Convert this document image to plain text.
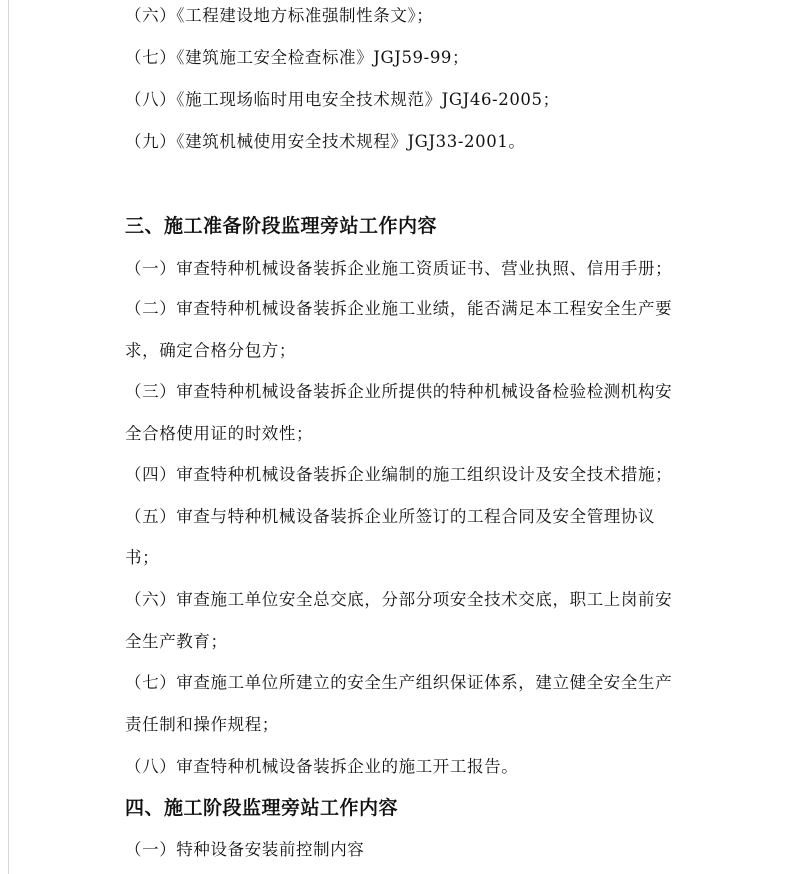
（六）《工程建设地方标准强制性条文》；
（七）《建筑施工安全检查标准》JGJ59-99；
（八）《施工现场临时用电安全技术规范》JGJ46-2005；
（九）《建筑机械使用安全技术规程》JGJ33-2001。
三、施工准备阶段监理旁站工作内容
（一）审查特种机械设备装拆企业施工资质证书、营业执照、信用手册；
（二）审查特种机械设备装拆企业施工业绩，能否满足本工程安全生产要
求，确定合格分包方；
（三）审查特种机械设备装拆企业所提供的特种机械设备检验检测机构安
全合格使用证的时效性；
（四）审查特种机械设备装拆企业编制的施工组织设计及安全技术措施；
（五）审查与特种机械设备装拆企业所签订的工程合同及安全管理协议
书；
（六）审查施工单位安全总交底，分部分项安全技术交底，职工上岗前安
全生产教育；
（七）审查施工单位所建立的安全生产组织保证体系，建立健全安全生产
责任制和操作规程；
（八）审查特种机械设备装拆企业的施工开工报告。
四、施工阶段监理旁站工作内容
（一）特种设备安装前控制内容
